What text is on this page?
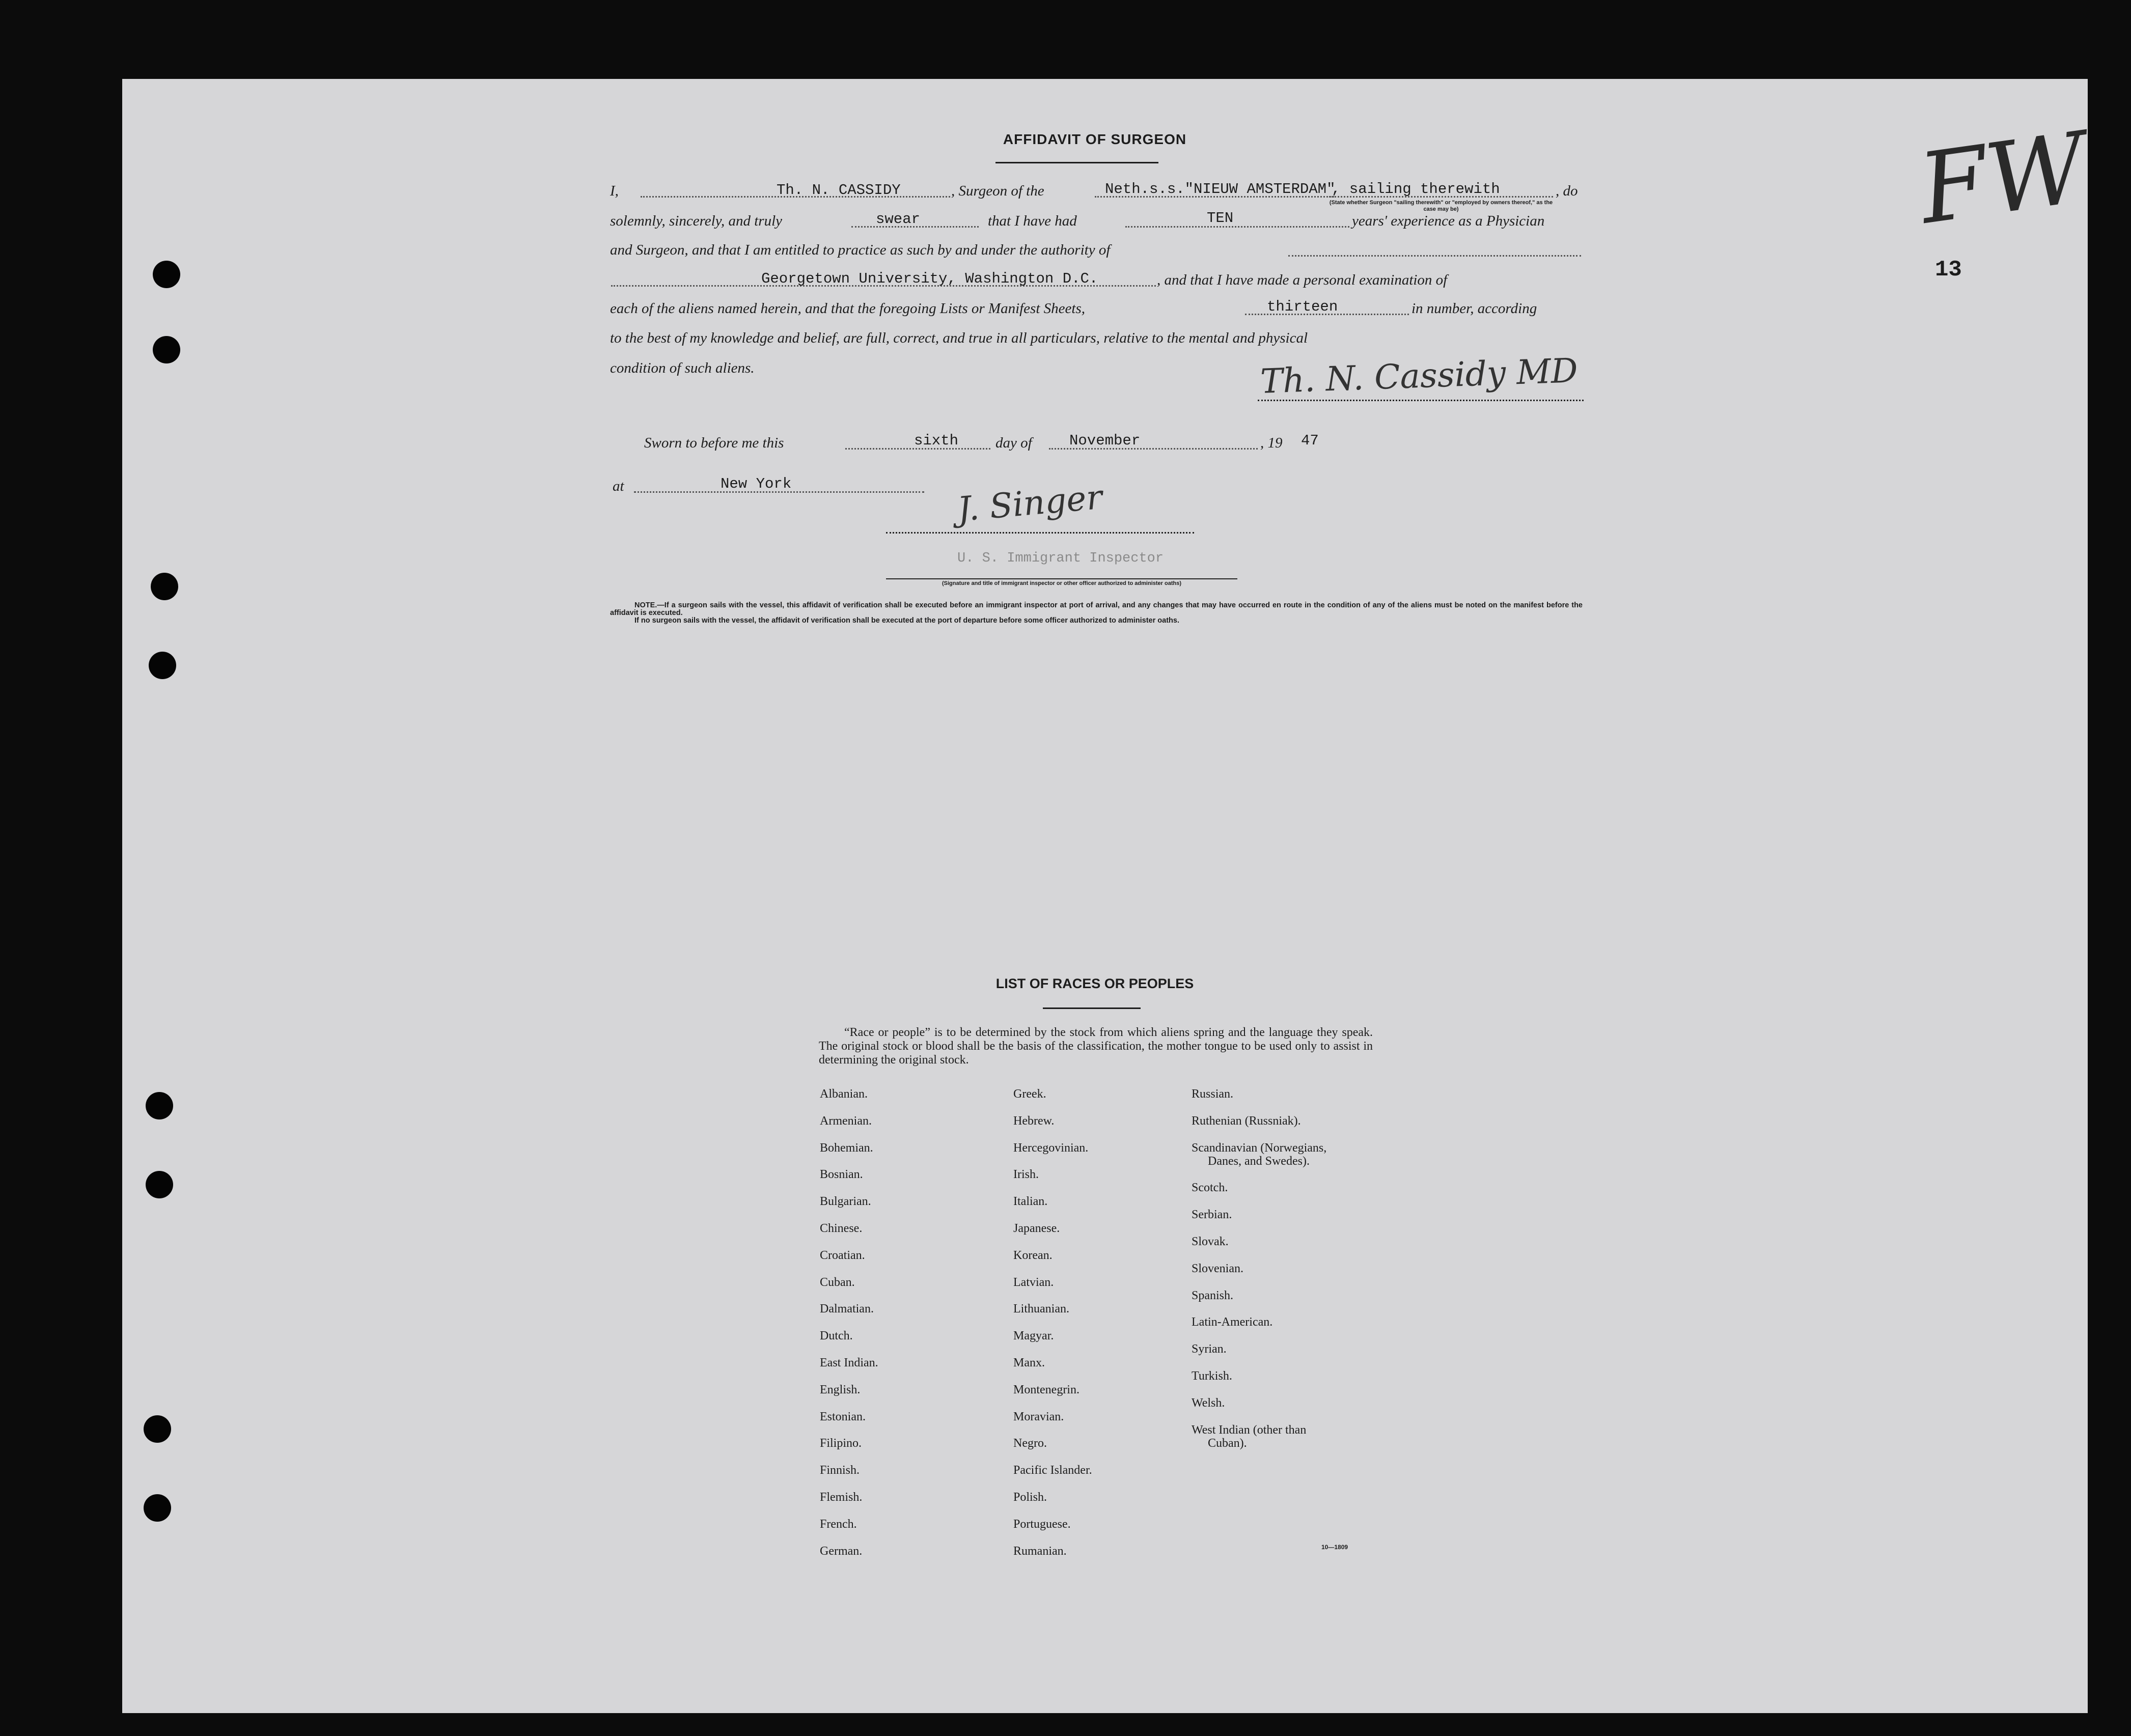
FW
13
AFFIDAVIT OF SURGEON
I,	Th. N. CASSIDY	, Surgeon of the	Neth.s.s."NIEUW AMSTERDAM"
, sailing therewith	, do
(State whether Surgeon "sailing therewith" or "employed by owners thereof," as the case may be)
solemnly, sincerely, and truly	swear	that I have had	TEN	years' experience as a Physician
and Surgeon, and that I am entitled to practice as such by and under the authority of
Georgetown University, Washington D.C.	, and that I have made a personal examination of
each of the aliens named herein, and that the foregoing Lists or Manifest Sheets,	thirteen	in number, according
to the best of my knowledge and belief, are full, correct, and true in all particulars, relative to the mental and physical
condition of such aliens.	Th. N. Cassidy MD
Sworn to before me this	sixth	day of	November	, 19 47
at	New York	J. Singer
U. S. Immigrant Inspector
(Signature and title of immigrant inspector or other officer authorized to administer oaths)

NOTE.—If a surgeon sails with the vessel, this affidavit of verification shall be executed before an immigrant inspector at port of arrival, and any changes that may have occurred en route in the condition of any of the aliens must be noted on the manifest before the affidavit is executed.

If no surgeon sails with the vessel, the affidavit of verification shall be executed at the port of departure before some officer authorized to administer oaths.

LIST OF RACES OR PEOPLES

“Race or people” is to be determined by the stock from which aliens spring and the language they speak. The original stock or blood shall be the basis of the classification, the mother tongue to be used only to assist in determining the original stock.

Albanian.
Armenian.
Bohemian.
Bosnian.
Bulgarian.
Chinese.
Croatian.
Cuban.
Dalmatian.
Dutch.
East Indian.
English.
Estonian.
Filipino.
Finnish.
Flemish.
French.
German.
Greek.
Hebrew.
Hercegovinian.
Irish.
Italian.
Japanese.
Korean.
Latvian.
Lithuanian.
Magyar.
Manx.
Montenegrin.
Moravian.
Negro.
Pacific Islander.
Polish.
Portuguese.
Rumanian.
Russian.
Ruthenian (Russniak).
Scandinavian (Norwegians,
Danes, and Swedes).
Scotch.
Serbian.
Slovak.
Slovenian.
Spanish.
Latin-American.
Syrian.
Turkish.
Welsh.
West Indian (other than
Cuban).
10—1809
